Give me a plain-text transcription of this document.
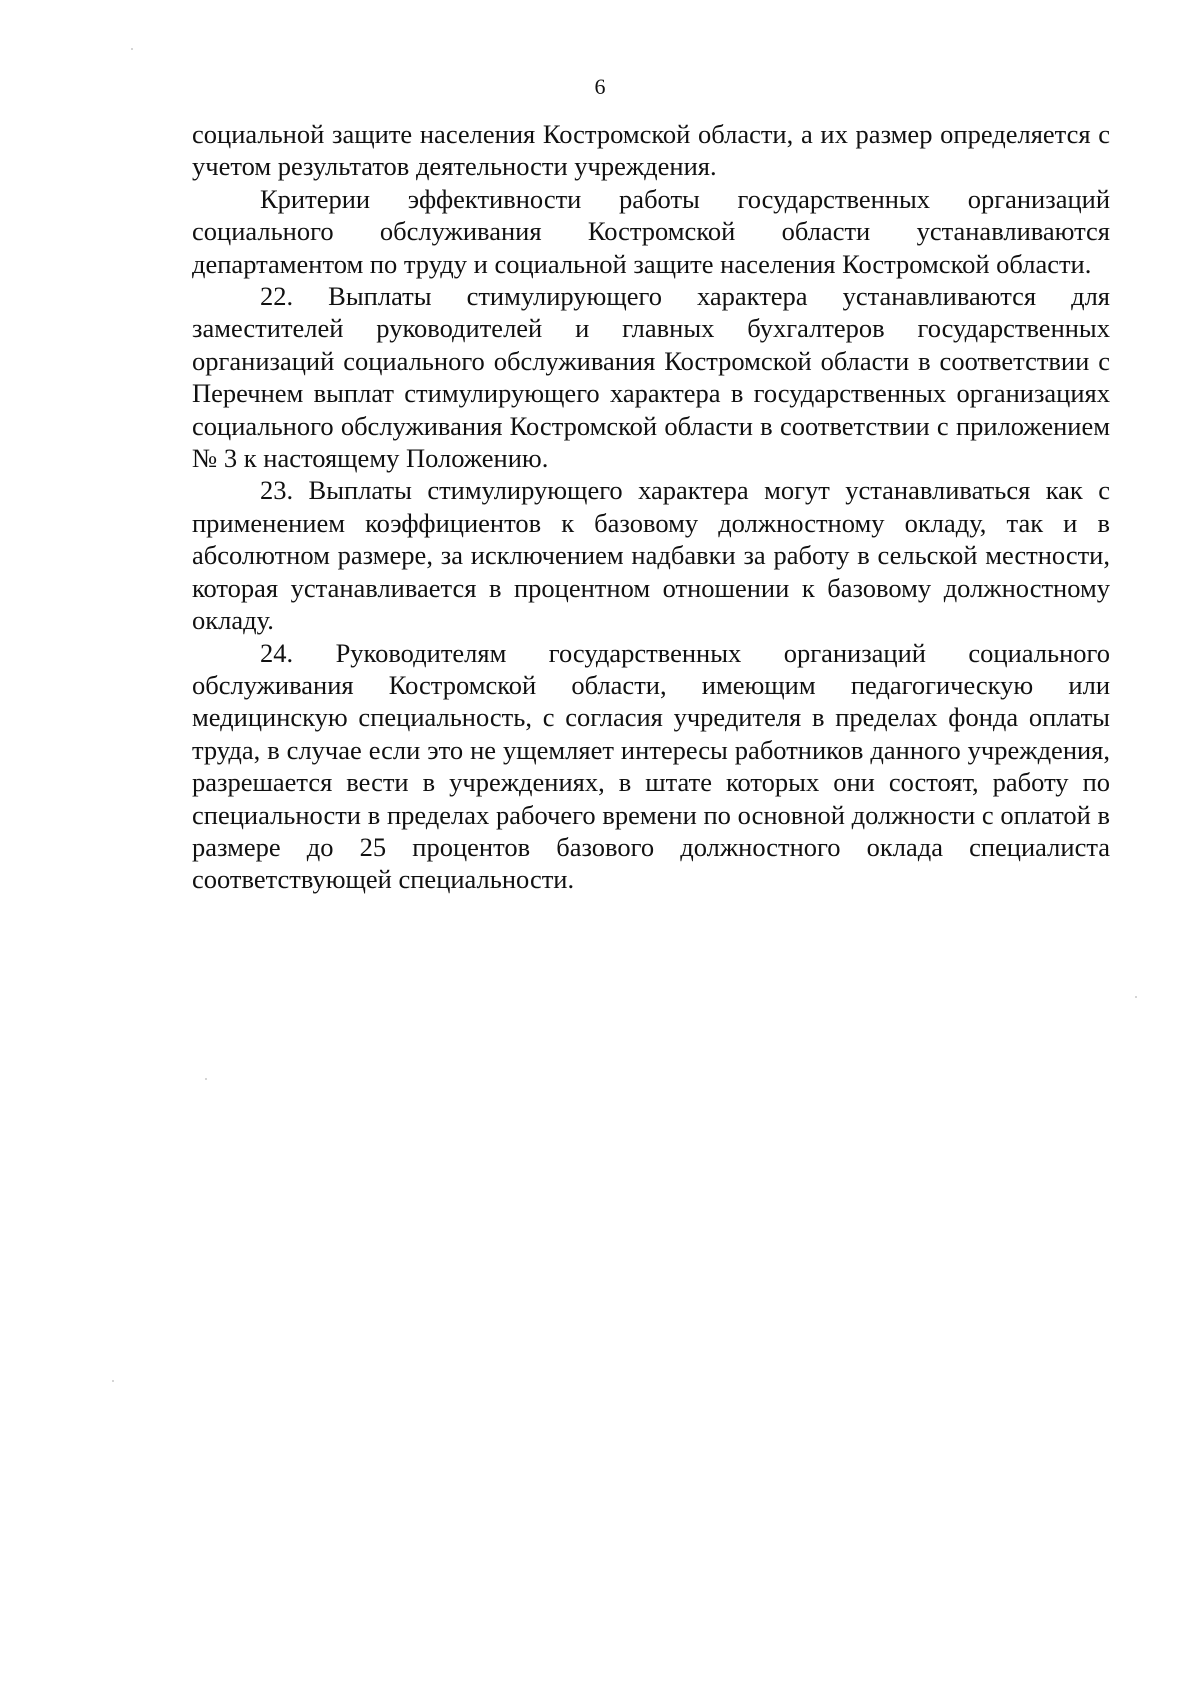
6

социальной защите населения Костромской области, а их размер определяется с учетом результатов деятельности учреждения.

Критерии эффективности работы государственных организаций социального обслуживания Костромской области устанавливаются департаментом по труду и социальной защите населения Костромской области.

22. Выплаты стимулирующего характера устанавливаются для заместителей руководителей и главных бухгалтеров государственных организаций социального обслуживания Костромской области в соответствии с Перечнем выплат стимулирующего характера в государственных организациях социального обслуживания Костромской области в соответствии с приложением № 3 к настоящему Положению.

23. Выплаты стимулирующего характера могут устанавливаться как с применением коэффициентов к базовому должностному окладу, так и в абсолютном размере, за исключением надбавки за работу в сельской местности, которая устанавливается в процентном отношении к базовому должностному окладу.

24. Руководителям государственных организаций социального обслуживания Костромской области, имеющим педагогическую или медицинскую специальность, с согласия учредителя в пределах фонда оплаты труда, в случае если это не ущемляет интересы работников данного учреждения, разрешается вести в учреждениях, в штате которых они состоят, работу по специальности в пределах рабочего времени по основной должности с оплатой в размере до 25 процентов базового должностного оклада специалиста соответствующей специальности.
